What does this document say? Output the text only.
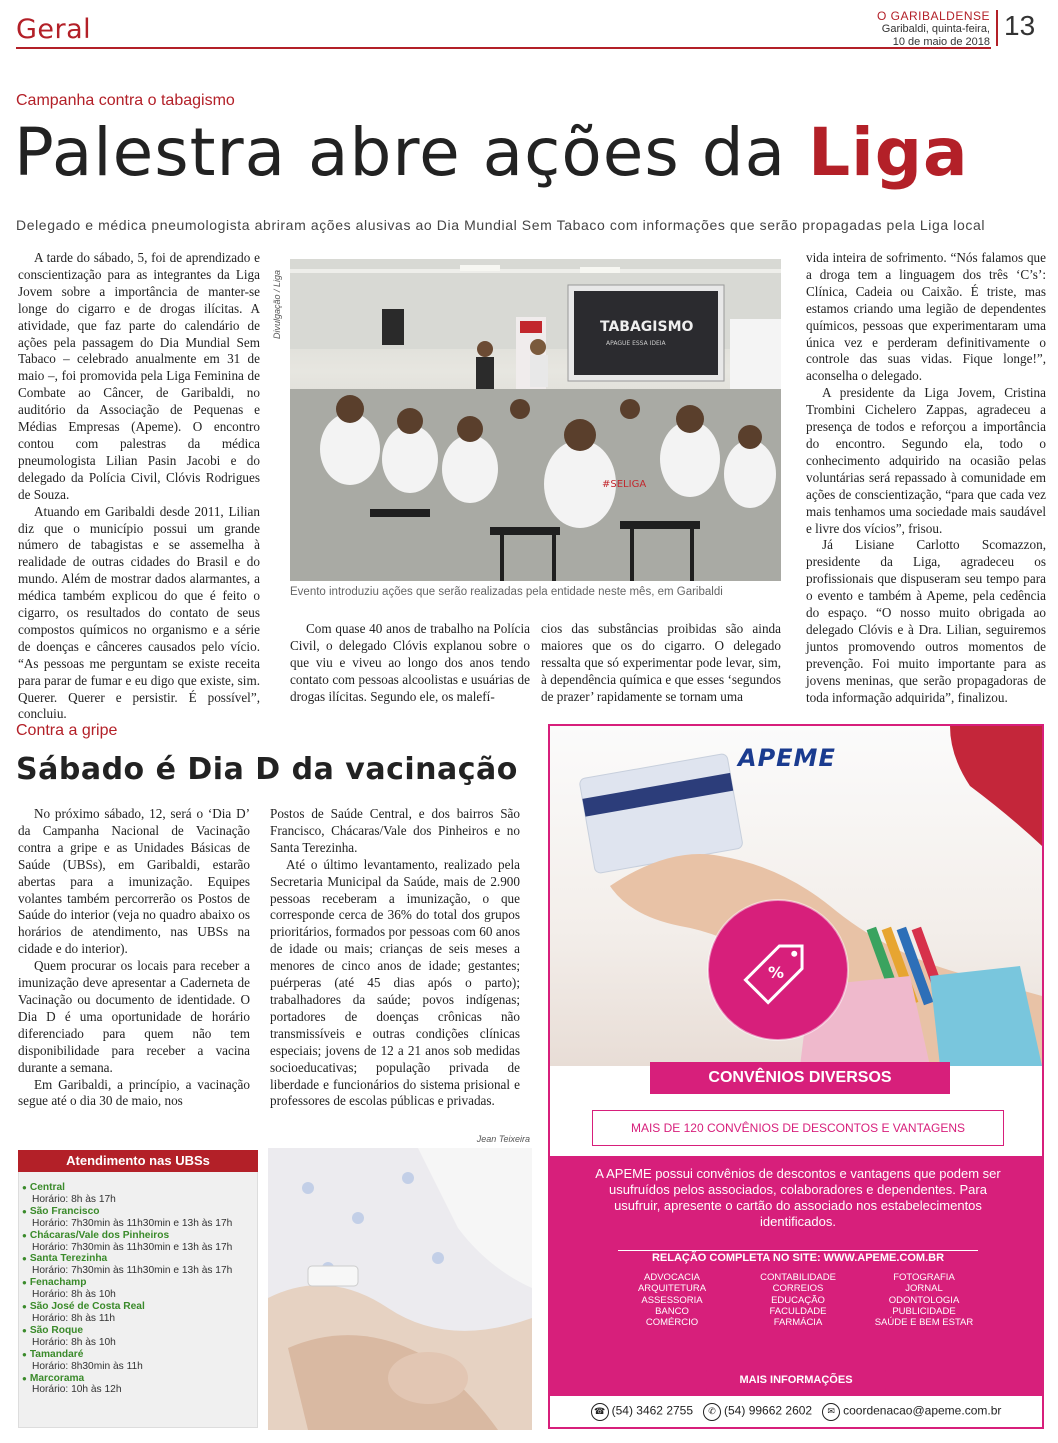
Geral	O GARIBALDENSE
Garibaldi, quinta-feira,
10 de maio de 2018
13
Campanha contra o tabagismo
Palestra abre ações da Liga
Delegado e médica pneumologista abriram ações alusivas ao Dia Mundial Sem Tabaco com informações que serão propagadas pela Liga local

A tarde do sábado, 5, foi de aprendizado e conscientização para as integrantes da Liga Jovem sobre a importância de manter-se longe do cigarro e de drogas ilícitas. A atividade, que faz parte do calendário de ações pela passagem do Dia Mundial Sem Tabaco – celebrado anualmente em 31 de maio –, foi promovida pela Liga Feminina de Combate ao Câncer, de Garibaldi, no auditório da Associação de Pequenas e Médias Empresas (Apeme). O encontro contou com palestras da médica pneumologista Lilian Pasin Jacobi e do delegado da Polícia Civil, Clóvis Rodrigues de Souza.

Atuando em Garibaldi desde 2011, Lilian diz que o município possui um grande número de tabagistas e se assemelha à realidade de outras cidades do Brasil e do mundo. Além de mostrar dados alarmantes, a médica também explicou do que é feito o cigarro, os resultados do contato de seus compostos químicos no organismo e a série de doenças e cânceres causados pelo vício. “As pessoas me perguntam se existe receita para parar de fumar e eu digo que existe, sim. Querer. Querer e persistir. É possível”, concluiu.

Divulgação / Liga	TABAGISMO
APAGUE ESSA IDEIA
#SELIGA
Evento introduziu ações que serão realizadas pela entidade neste mês, em Garibaldi

Com quase 40 anos de trabalho na Polícia Civil, o delegado Clóvis explanou sobre o que viu e viveu ao longo dos anos tendo contato com pessoas alcoolistas e usuárias de drogas ilícitas. Segundo ele, os malefí-

cios das substâncias proibidas são ainda maiores que os do cigarro. O delegado ressalta que só experimentar pode levar, sim, à dependência química e que esses ‘segundos de prazer’ rapidamente se tornam uma

vida inteira de sofrimento. “Nós falamos que a droga tem a linguagem dos três ‘C’s’: Clínica, Cadeia ou Caixão. É triste, mas estamos criando uma legião de dependentes químicos, pessoas que experimentaram uma única vez e perderam definitivamente o controle das suas vidas. Fique longe!”, aconselha o delegado.

A presidente da Liga Jovem, Cristina Trombini Cichelero Zappas, agradeceu a presença de todos e reforçou a importância do encontro. Segundo ela, todo o conhecimento adquirido na ocasião pelas voluntárias será repassado à comunidade em ações de conscientização, “para que cada vez mais tenhamos uma sociedade mais saudável e livre dos vícios”, frisou.

Já Lisiane Carlotto Scomazzon, presidente da Liga, agradeceu os profissionais que dispuseram seu tempo para o evento e também à Apeme, pela cedência do espaço. “O nosso muito obrigada ao delegado Clóvis e à Dra. Lilian, seguiremos juntos promovendo outros momentos de prevenção. Foi muito importante para as jovens meninas, que serão propagadoras de toda informação adquirida”, finalizou.

Contra a gripe
Sábado é Dia D da vacinação

No próximo sábado, 12, será o ‘Dia D’ da Campanha Nacional de Vacinação contra a gripe e as Unidades Básicas de Saúde (UBSs), em Garibaldi, estarão abertas para a imunização. Equipes volantes também percorrerão os Postos de Saúde do interior (veja no quadro abaixo os horários de atendimento, nas UBSs na cidade e do interior).

Quem procurar os locais para receber a imunização deve apresentar a Caderneta de Vacinação ou documento de identidade. O Dia D é uma oportunidade de horário diferenciado para quem não tem disponibilidade para receber a vacina durante a semana.

Em Garibaldi, a princípio, a vacinação segue até o dia 30 de maio, nos

Postos de Saúde Central, e dos bairros São Francisco, Chácaras/Vale dos Pinheiros e no Santa Terezinha.

Até o último levantamento, realizado pela Secretaria Municipal da Saúde, mais de 2.900 pessoas receberam a imunização, o que corresponde cerca de 36% do total dos grupos prioritários, formados por pessoas com 60 anos de idade ou mais; crianças de seis meses a menores de cinco anos de idade; gestantes; puérperas (até 45 dias após o parto); trabalhadores da saúde; povos indígenas; portadores de doenças crônicas não transmissíveis e outras condições clínicas especiais; jovens de 12 a 21 anos sob medidas socioeducativas; população privada de liberdade e funcionários do sistema prisional e professores de escolas públicas e privadas.

Atendimento nas UBSs
● Central
Horário: 8h às 17h
● São Francisco
Horário: 7h30min às 11h30min e 13h às 17h
● Chácaras/Vale dos Pinheiros
Horário: 7h30min às 11h30min e 13h às 17h
● Santa Terezinha
Horário: 7h30min às 11h30min e 13h às 17h
● Fenachamp
Horário: 8h às 10h
● São José de Costa Real
Horário: 8h às 11h
● São Roque
Horário: 8h às 10h
● Tamandaré
Horário: 8h30min às 11h
● Marcorama
Horário: 10h às 12h
Jean Teixeira
%
APEME
CONVÊNIOS DIVERSOS
MAIS DE 120 CONVÊNIOS DE DESCONTOS E VANTAGENS
A APEME possui convênios de descontos e vantagens que podem ser usufruídos pelos associados, colaboradores e dependentes. Para usufruir, apresente o cartão do associado nos estabelecimentos identificados.
RELAÇÃO COMPLETA NO SITE: WWW.APEME.COM.BR
ADVOCACIA
ARQUITETURA
ASSESSORIA
BANCO
COMÉRCIO
CONTABILIDADE
CORREIOS
EDUCAÇÃO
FACULDADE
FARMÁCIA
FOTOGRAFIA
JORNAL
ODONTOLOGIA
PUBLICIDADE
SAÚDE E BEM ESTAR
MAIS INFORMAÇÕES
☎ (54) 3462 2755	✆ (54) 99662 2602	✉ coordenacao@apeme.com.br
